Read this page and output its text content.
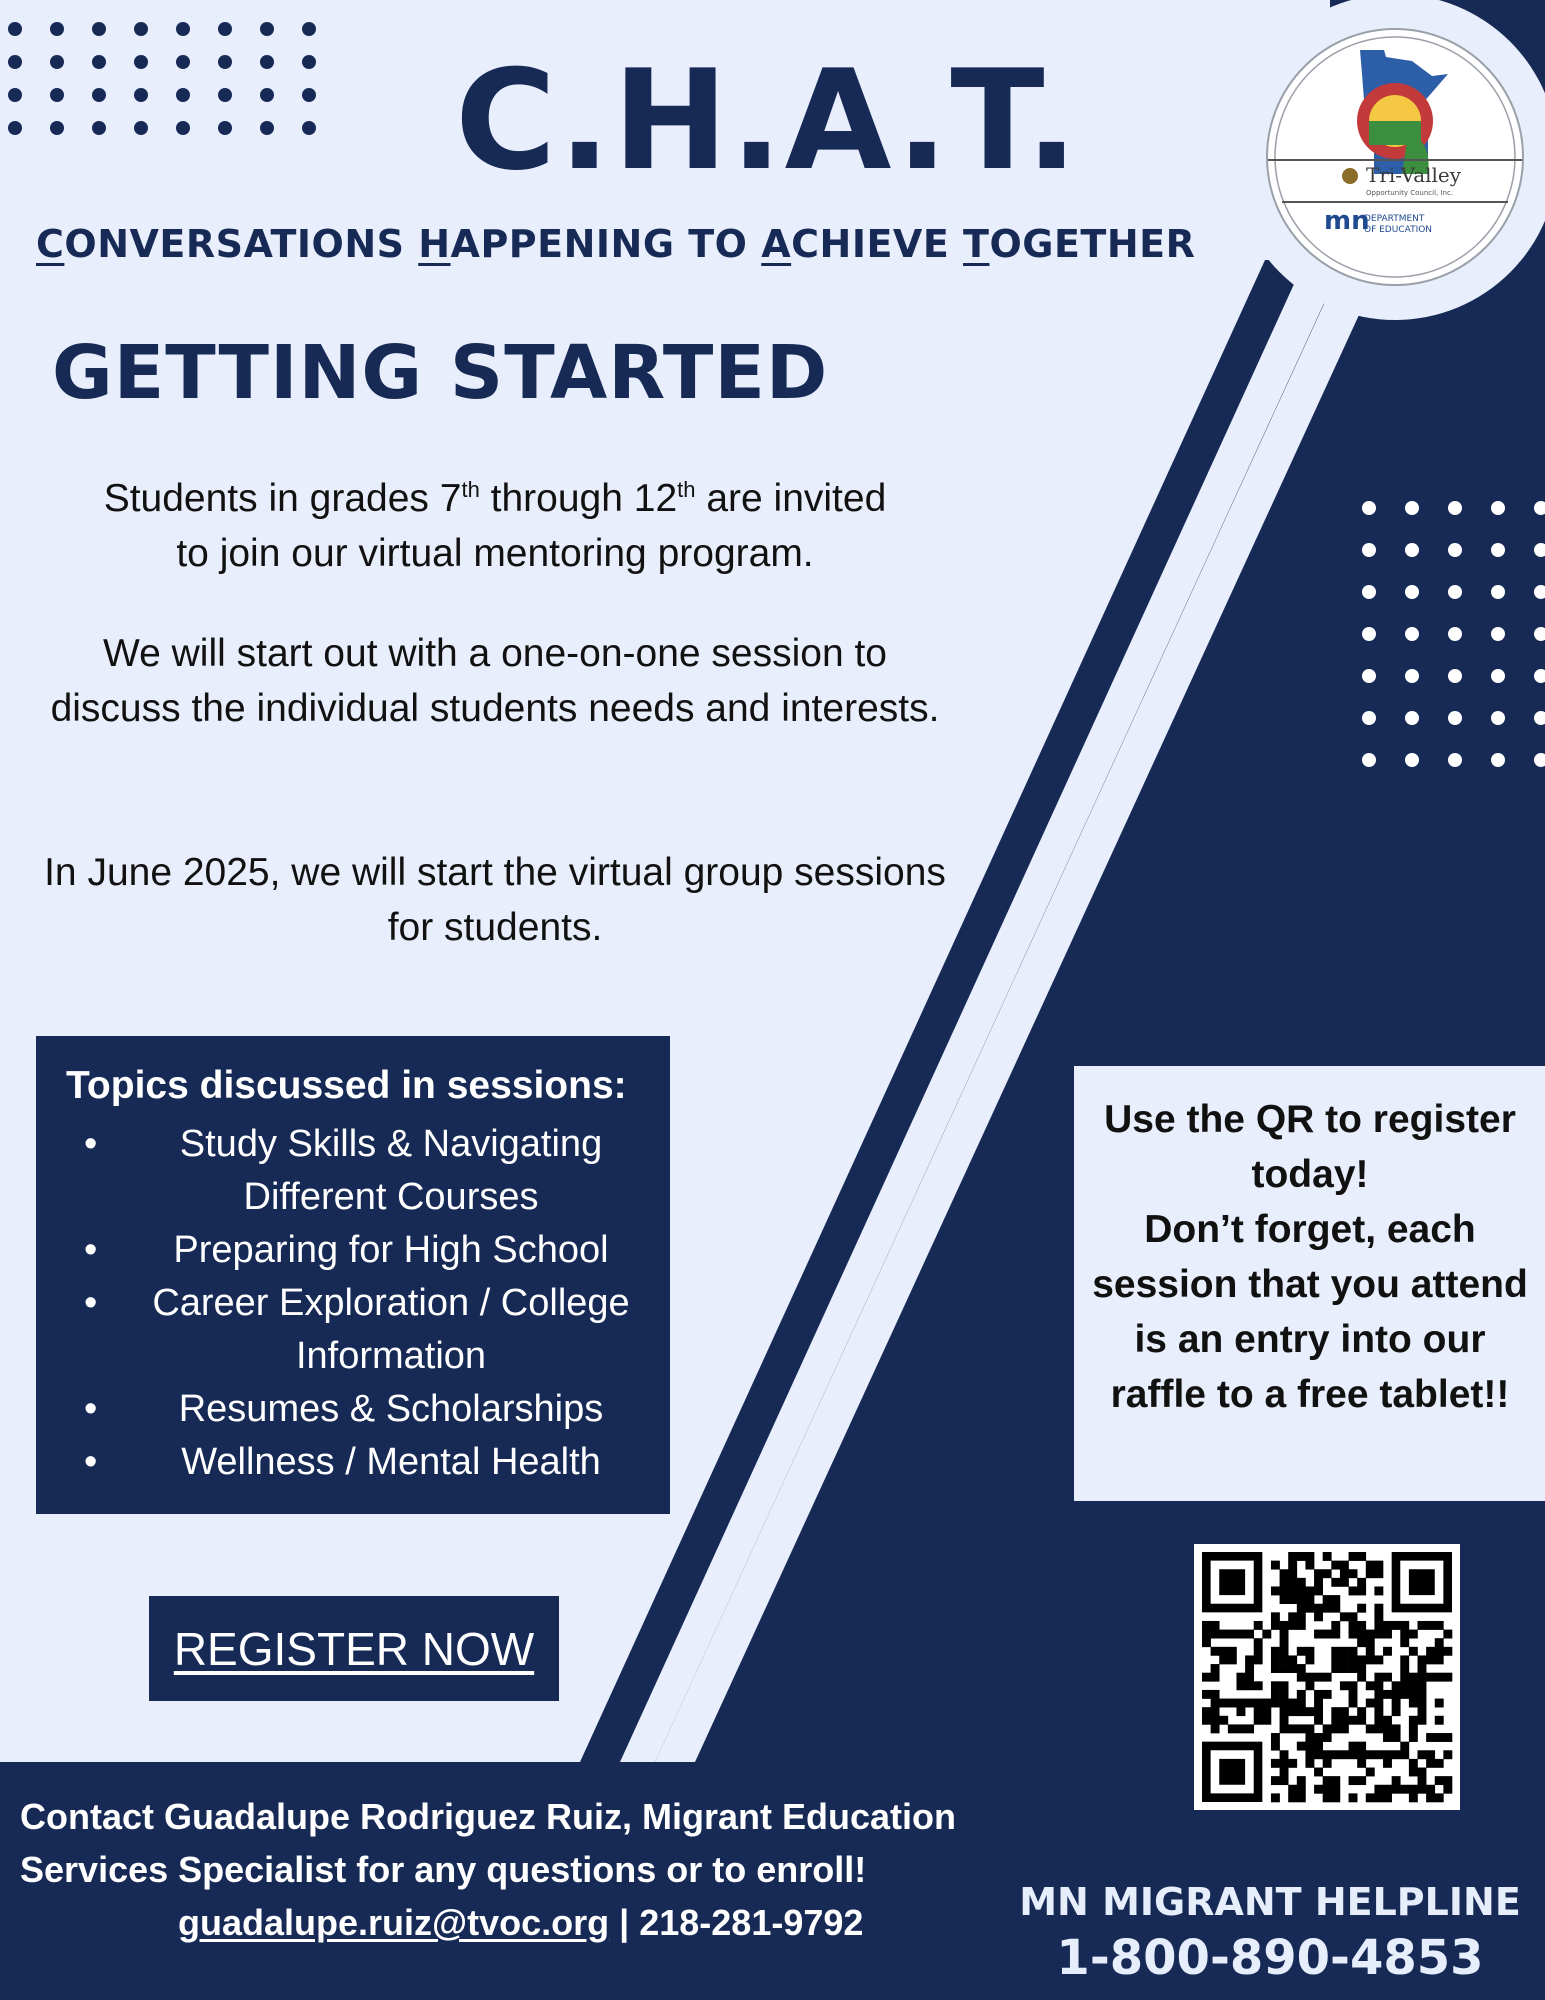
Tri-Valley
Opportunity Council, Inc.
mn
DEPARTMENT
OF EDUCATION
C.H.A.T.
CONVERSATIONS HAPPENING TO ACHIEVE TOGETHER
GETTING STARTED

Students in grades 7th through 12th are invited
to join our virtual mentoring program.

We will start out with a one-on-one session to discuss the individual students needs and interests.

In June 2025, we will start the virtual group sessions for students.

Topics discussed in sessions:
• Study Skills & Navigating Different Courses
• Preparing for High School
• Career Exploration / College Information
• Resumes & Scholarships
• Wellness / Mental Health
REGISTER NOW

Use the QR to register today!
Don’t forget, each session that you attend is an entry into our raffle to a free tablet!!

Contact Guadalupe Rodriguez Ruiz, Migrant Education
Services Specialist for any questions or to enroll!
guadalupe.ruiz@tvoc.org | 218-281-9792	MN MIGRANT HELPLINE
1-800-890-4853
